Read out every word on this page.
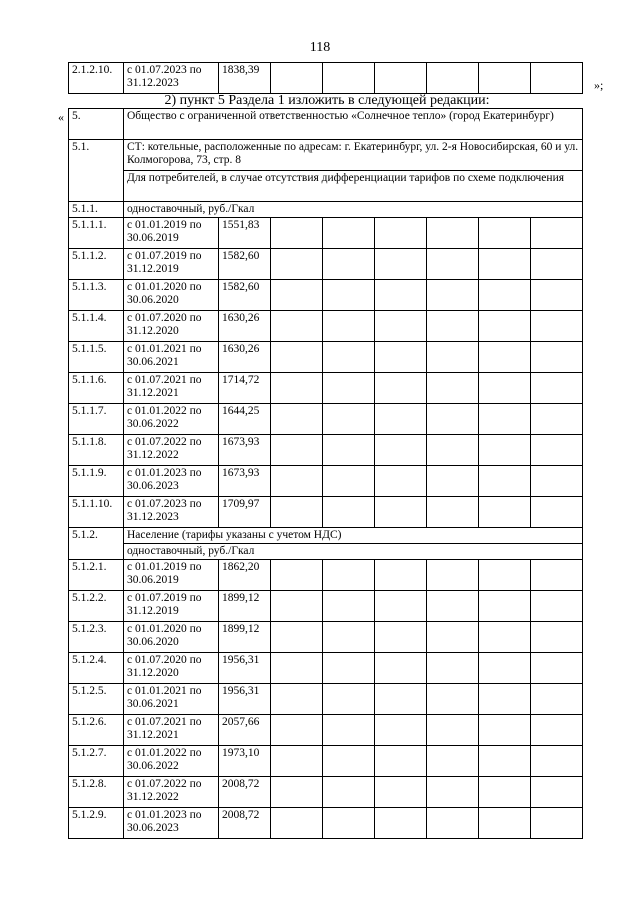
118
2.1.2.10.	с 01.07.2023 по 31.12.2023	1838,39						
»;
2) пункт 5 Раздела 1 изложить в следующей редакции:
« 5.	Общество с ограниченной ответственностью «Солнечное тепло» (город Екатеринбург)							
5.1.	СТ: котельные, расположенные по адресам: г. Екатеринбург, ул. 2-я Новосибирская, 60 и ул. Колмогорова, 73, стр. 8							
	Для потребителей, в случае отсутствия дифференциации тарифов по схеме подключения							
5.1.1.	одноставочный, руб./Гкал							
5.1.1.1.	с 01.01.2019 по 30.06.2019	1551,83						
5.1.1.2.	с 01.07.2019 по 31.12.2019	1582,60						
5.1.1.3.	с 01.01.2020 по 30.06.2020	1582,60						
5.1.1.4.	с 01.07.2020 по 31.12.2020	1630,26						
5.1.1.5.	с 01.01.2021 по 30.06.2021	1630,26						
5.1.1.6.	с 01.07.2021 по 31.12.2021	1714,72						
5.1.1.7.	с 01.01.2022 по 30.06.2022	1644,25						
5.1.1.8.	с 01.07.2022 по 31.12.2022	1673,93						
5.1.1.9.	с 01.01.2023 по 30.06.2023	1673,93						
5.1.1.10.	с 01.07.2023 по 31.12.2023	1709,97						
5.1.2.	Население (тарифы указаны с учетом НДС)							
	одноставочный, руб./Гкал							
5.1.2.1.	с 01.01.2019 по 30.06.2019	1862,20						
5.1.2.2.	с 01.07.2019 по 31.12.2019	1899,12						
5.1.2.3.	с 01.01.2020 по 30.06.2020	1899,12						
5.1.2.4.	с 01.07.2020 по 31.12.2020	1956,31						
5.1.2.5.	с 01.01.2021 по 30.06.2021	1956,31						
5.1.2.6.	с 01.07.2021 по 31.12.2021	2057,66						
5.1.2.7.	с 01.01.2022 по 30.06.2022	1973,10						
5.1.2.8.	с 01.07.2022 по 31.12.2022	2008,72						
5.1.2.9.	с 01.01.2023 по 30.06.2023	2008,72						
